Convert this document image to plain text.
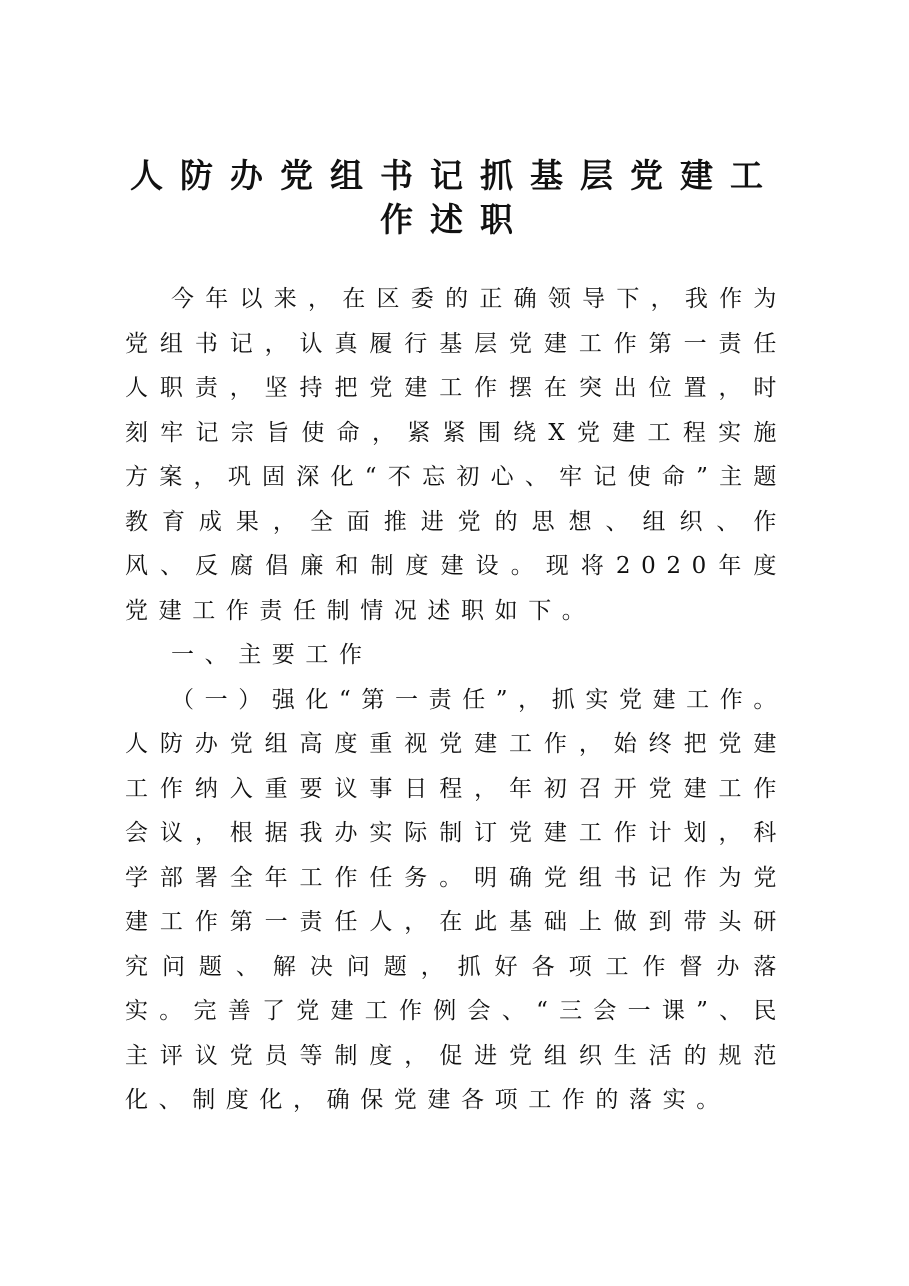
人防办党组书记抓基层党建工
作述职

今年以来，在区委的正确领导下，我作为党组书记，认真履行基层党建工作第一责任人职责，坚持把党建工作摆在突出位置，时刻牢记宗旨使命，紧紧围绕X党建工程实施方案，巩固深化“不忘初心、牢记使命”主题教育成果，全面推进党的思想、组织、作风、反腐倡廉和制度建设。现将2020年度党建工作责任制情况述职如下。

一、主要工作

（一）强化“第一责任”，抓实党建工作。人防办党组高度重视党建工作，始终把党建工作纳入重要议事日程，年初召开党建工作会议，根据我办实际制订党建工作计划，科学部署全年工作任务。明确党组书记作为党建工作第一责任人，在此基础上做到带头研究问题、解决问题，抓好各项工作督办落实。完善了党建工作例会、“三会一课”、民主评议党员等制度，促进党组织生活的规范化、制度化，确保党建各项工作的落实。
